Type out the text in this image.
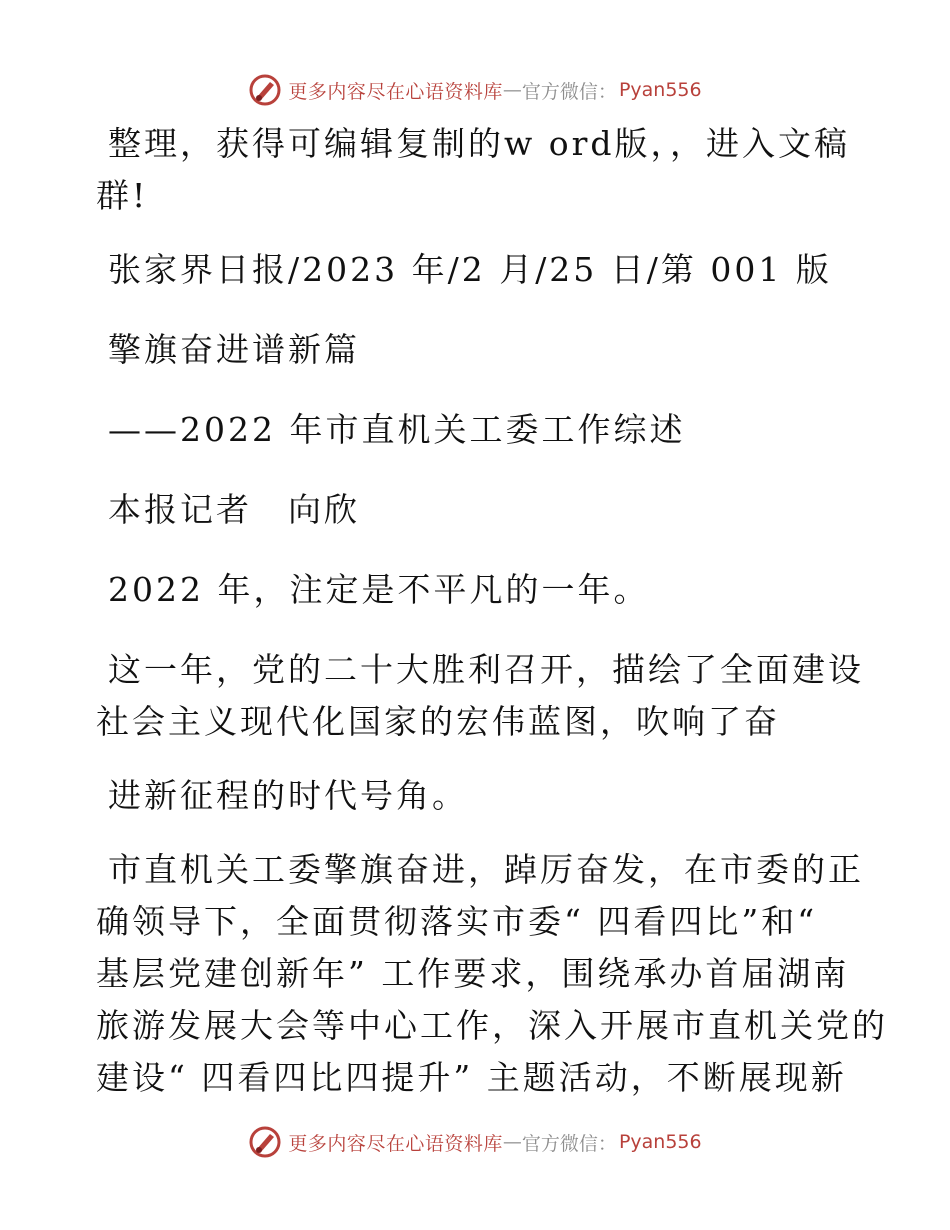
更多内容尽在心语资料库 — 官方微信： Pyan556

整理，获得可编辑复制的w ord版，，进入文稿

群!

张家界日报/2023 年/2 月/25 日/第 001 版

擎旗奋进谱新篇

——2022 年市直机关工委工作综述

本报记者　向欣

2022 年，注定是不平凡的一年。

这一年，党的二十大胜利召开，描绘了全面建设

社会主义现代化国家的宏伟蓝图，吹响了奋

进新征程的时代号角。

市直机关工委擎旗奋进，踔厉奋发，在市委的正

确领导下，全面贯彻落实市委“ 四看四比”和“

基层党建创新年” 工作要求，围绕承办首届湖南

旅游发展大会等中心工作，深入开展市直机关党的

建设“ 四看四比四提升” 主题活动，不断展现新

更多内容尽在心语资料库 — 官方微信： Pyan556
